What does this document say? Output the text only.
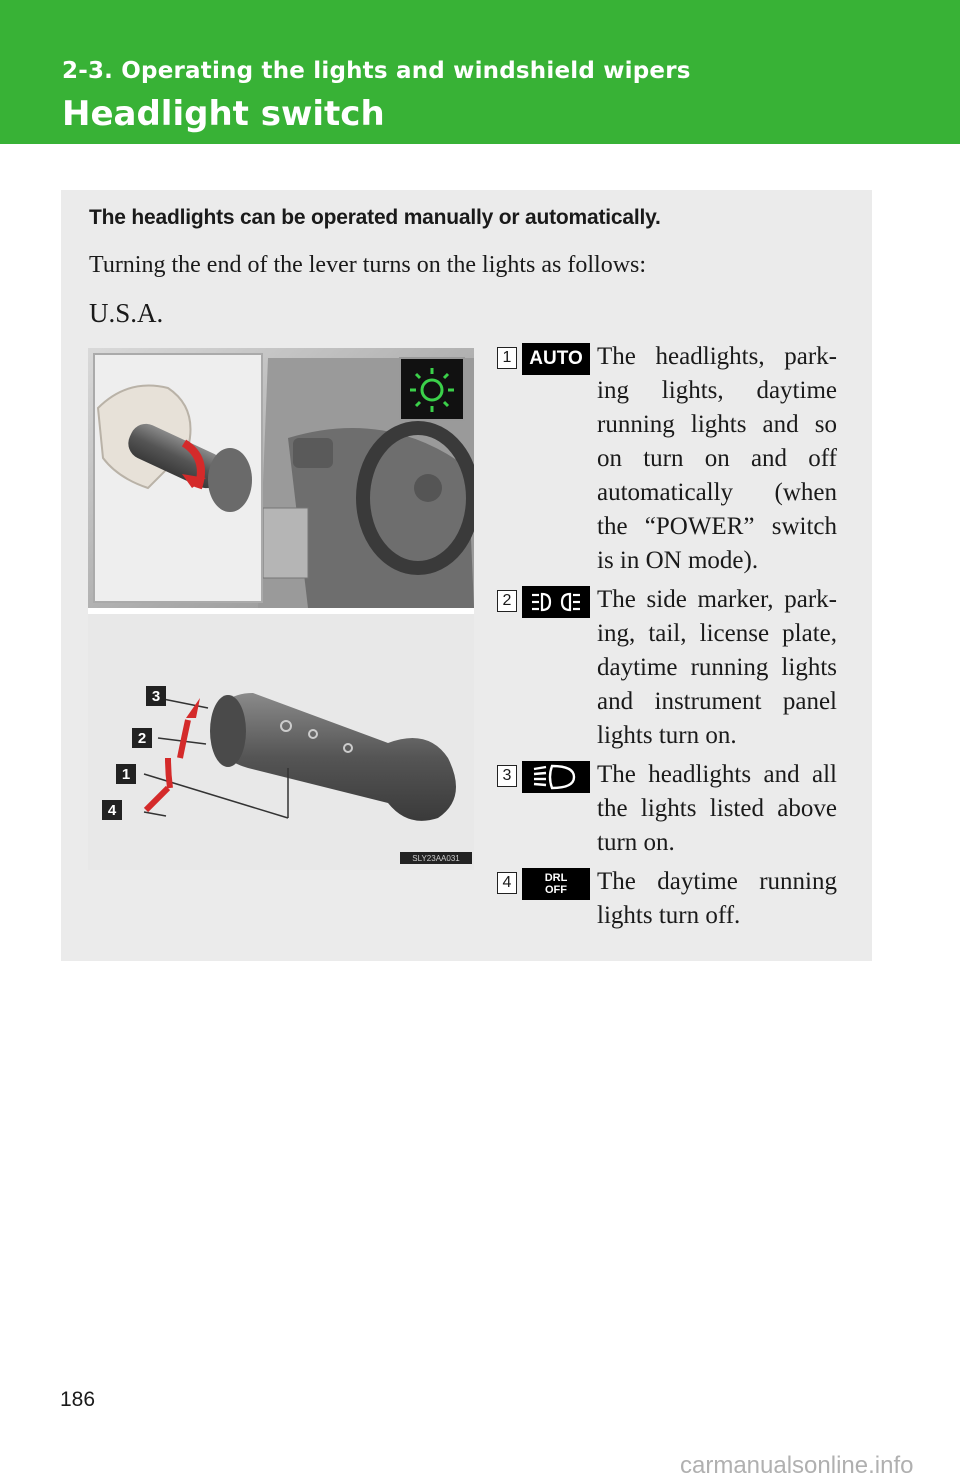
2-3. Operating the lights and windshield wipers
Headlight switch
The headlights can be operated manually or automatically.
Turning the end of the lever turns on the lights as follows:
U.S.A.
3
2
1
4
SLY23AA031
1 AUTO The headlights, park-
ing lights, daytime
running lights and so
on turn on and off
automatically (when
the “POWER” switch
is in ON mode).
2	The side marker, park-
ing, tail, license plate,
daytime running lights
and instrument panel
lights turn on.
3	The headlights and all
the lights listed above
turn on.
4	DRL
OFF The daytime running
lights turn off.
186
carmanualsonline.info
